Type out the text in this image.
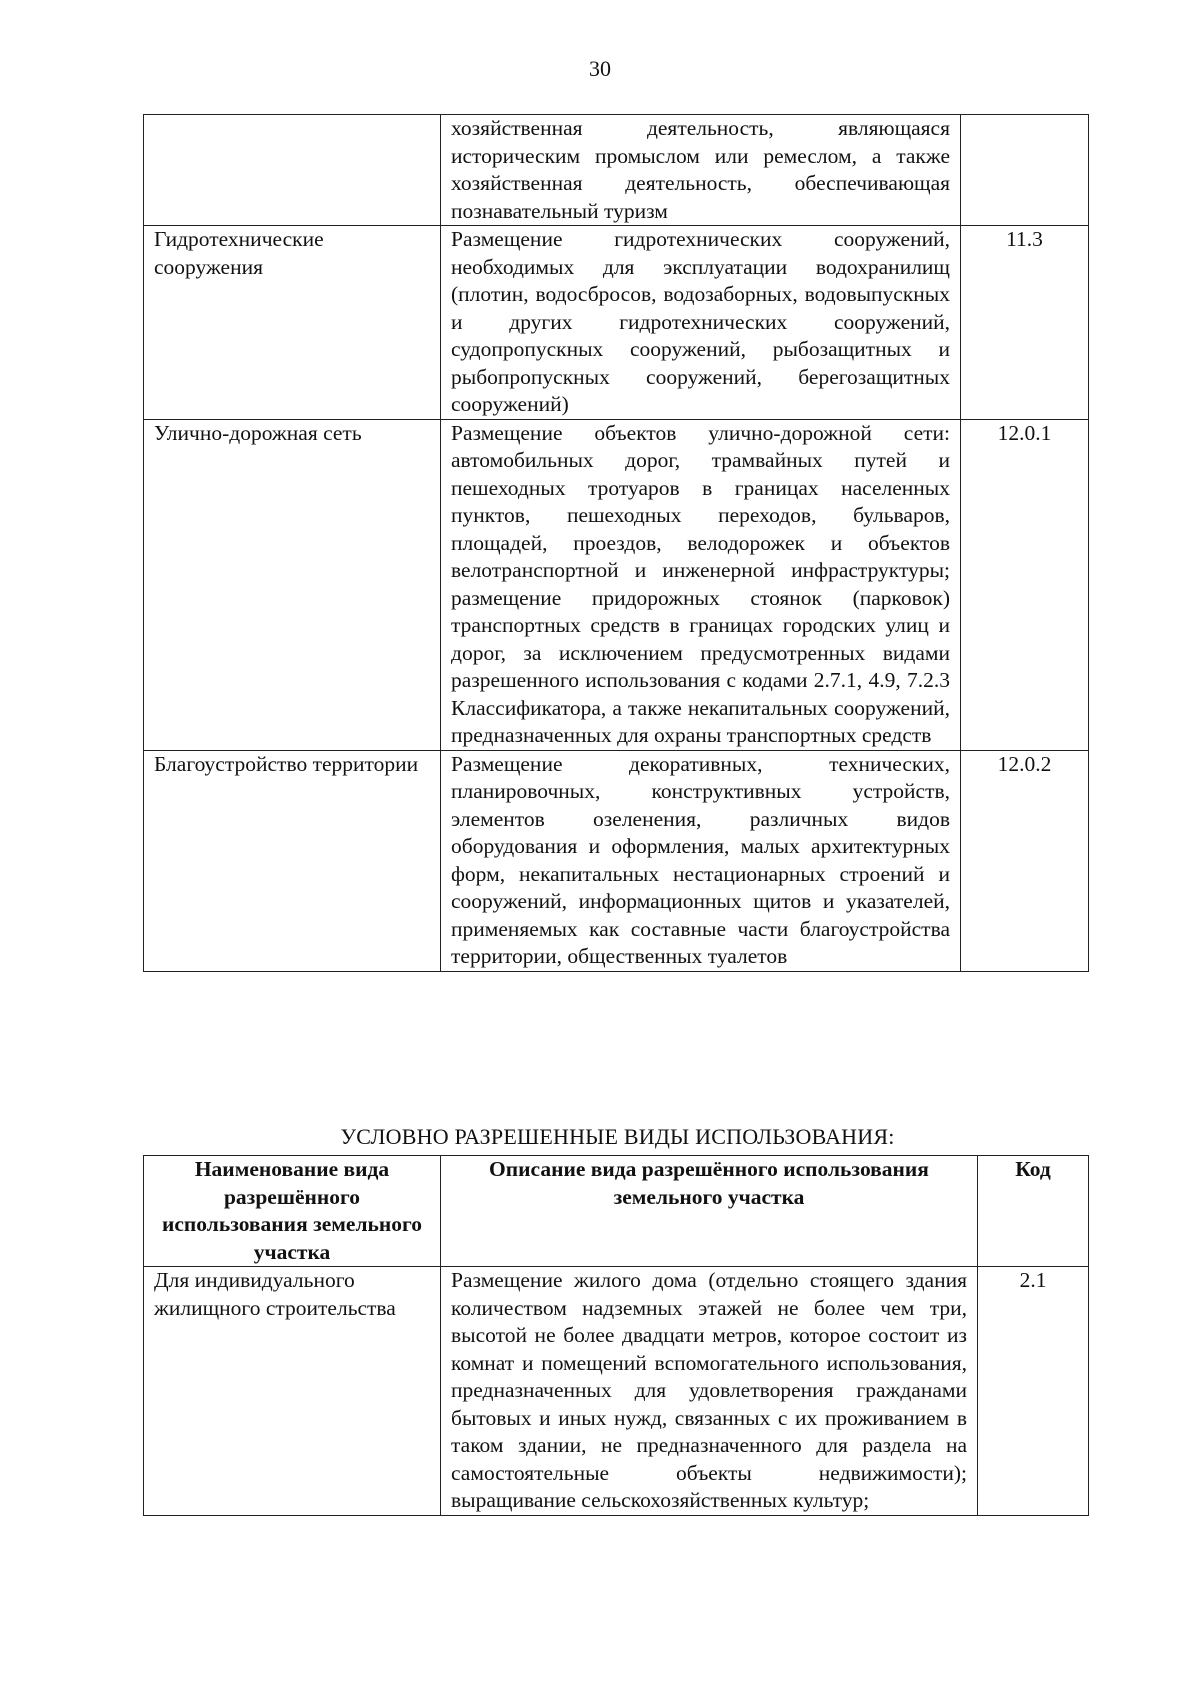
30
	хозяйственная деятельность, являющаяся историческим промыслом или ремеслом, а также хозяйственная деятельность, обеспечивающая познавательный туризм	
Гидротехнические сооружения	Размещение гидротехнических сооружений, необходимых для эксплуатации водохранилищ (плотин, водосбросов, водозаборных, водовыпускных и других гидротехнических сооружений, судопропускных сооружений, рыбозащитных и рыбопропускных сооружений, берегозащитных сооружений)	11.3
Улично-дорожная сеть	Размещение объектов улично-дорожной сети: автомобильных дорог, трамвайных путей и пешеходных тротуаров в границах населенных пунктов, пешеходных переходов, бульваров, площадей, проездов, велодорожек и объектов велотранспортной и инженерной инфраструктуры; размещение придорожных стоянок (парковок) транспортных средств в границах городских улиц и дорог, за исключением предусмотренных видами разрешенного использования с кодами 2.7.1, 4.9, 7.2.3 Классификатора, а также некапитальных сооружений, предназначенных для охраны транспортных средств	12.0.1
Благоустройство территории	Размещение декоративных, технических, планировочных, конструктивных устройств, элементов озеленения, различных видов оборудования и оформления, малых архитектурных форм, некапитальных нестационарных строений и сооружений, информационных щитов и указателей, применяемых как составные части благоустройства территории, общественных туалетов	12.0.2
УСЛОВНО РАЗРЕШЕННЫЕ ВИДЫ ИСПОЛЬЗОВАНИЯ:
Наименование вида разрешённого использования земельного участка	Описание вида разрешённого использования земельного участка	Код
Для индивидуального жилищного строительства	Размещение жилого дома (отдельно стоящего здания количеством надземных этажей не более чем три, высотой не более двадцати метров, которое состоит из комнат и помещений вспомогательного использования, предназначенных для удовлетворения гражданами бытовых и иных нужд, связанных с их проживанием в таком здании, не предназначенного для раздела на самостоятельные объекты недвижимости); выращивание сельскохозяйственных культур;	2.1
